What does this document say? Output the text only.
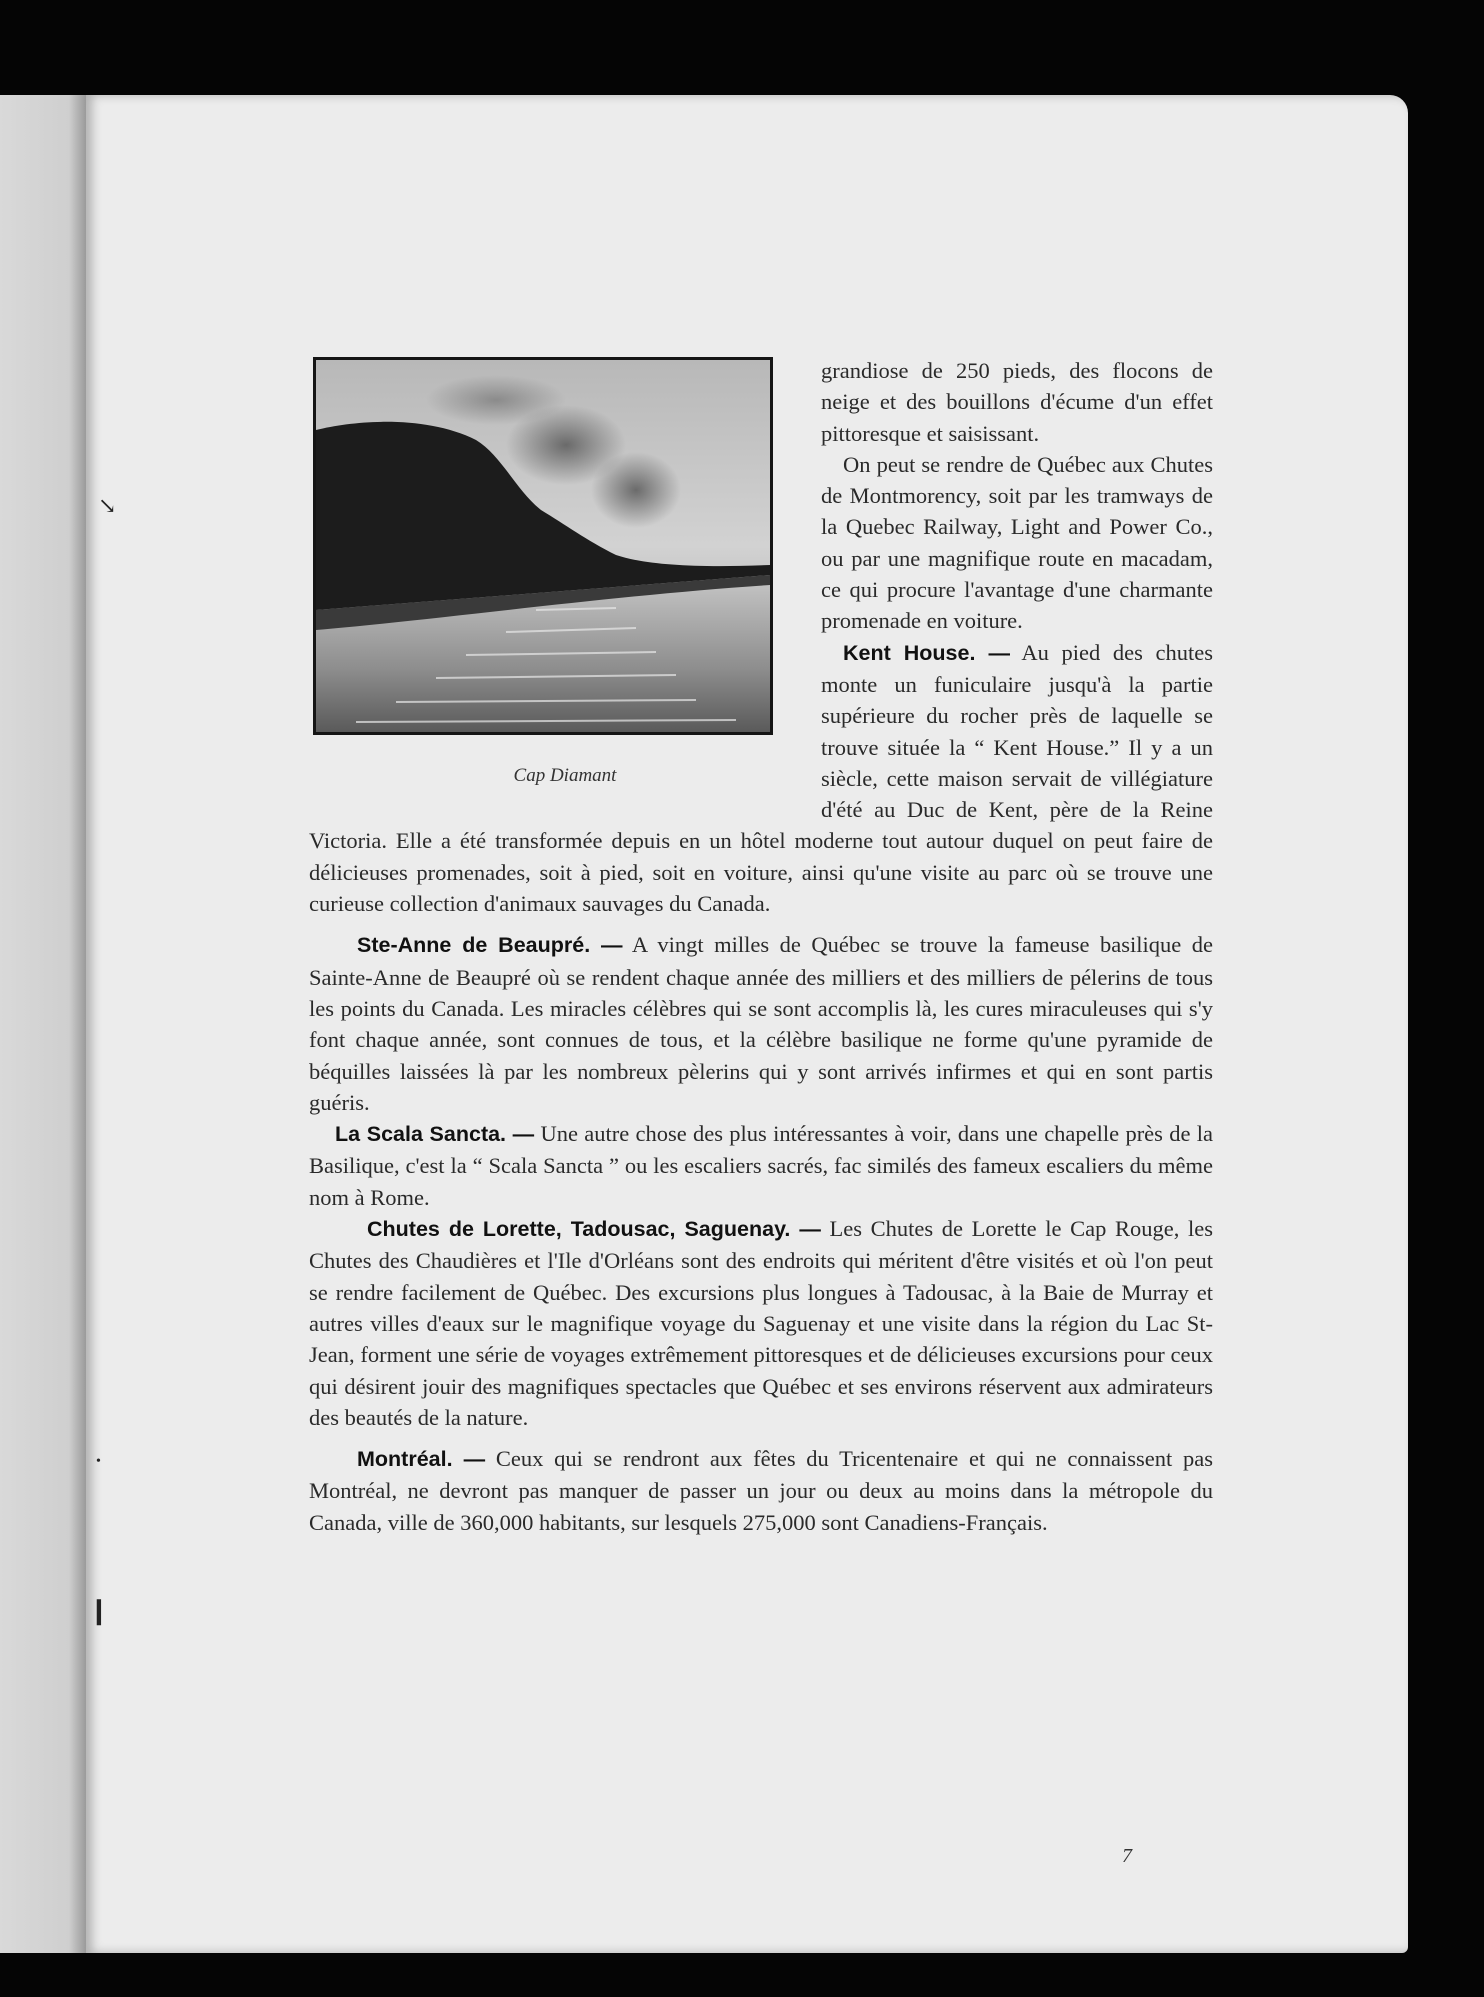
↘
•
❙
Cap Diamant

grandiose de 250 pieds, des flocons de neige et des bouillons d'écume d'un effet pittoresque et saisissant.

On peut se rendre de Québec aux Chutes de Montmorency, soit par les tramways de la Quebec Railway, Light and Power Co., ou par une magnifique route en macadam, ce qui procure l'avantage d'une charmante promenade en voiture.

Kent House. — Au pied des chutes monte un funiculaire jusqu'à la partie supérieure du rocher près de laquelle se trouve située la “ Kent House.” Il y a un siècle, cette maison servait de villégiature d'été au Duc de Kent, père de la Reine Victoria. Elle a été transformée depuis en un hôtel moderne tout autour duquel on peut faire de délicieuses promenades, soit à pied, soit en voiture, ainsi qu'une visite au parc où se trouve une curieuse collection d'animaux sauvages du Canada.

Ste-Anne de Beaupré. — A vingt milles de Québec se trouve la fameuse basilique de Sainte-Anne de Beaupré où se rendent chaque année des milliers et des milliers de pélerins de tous les points du Canada. Les miracles célèbres qui se sont accomplis là, les cures miraculeuses qui s'y font chaque année, sont connues de tous, et la célèbre basilique ne forme qu'une pyramide de béquilles laissées là par les nombreux pèlerins qui y sont arrivés infirmes et qui en sont partis guéris.

La Scala Sancta. — Une autre chose des plus intéressantes à voir, dans une chapelle près de la Basilique, c'est la “ Scala Sancta ” ou les escaliers sacrés, fac similés des fameux escaliers du même nom à Rome.

Chutes de Lorette, Tadousac, Saguenay. — Les Chutes de Lorette le Cap Rouge, les Chutes des Chaudières et l'Ile d'Orléans sont des endroits qui méritent d'être visités et où l'on peut se rendre facilement de Québec. Des excursions plus longues à Tadousac, à la Baie de Murray et autres villes d'eaux sur le magnifique voyage du Saguenay et une visite dans la région du Lac St-Jean, forment une série de voyages extrêmement pittoresques et de délicieuses excursions pour ceux qui désirent jouir des magnifiques spectacles que Québec et ses environs réservent aux admirateurs des beautés de la nature.

Montréal. — Ceux qui se rendront aux fêtes du Tricentenaire et qui ne connaissent pas Montréal, ne devront pas manquer de passer un jour ou deux au moins dans la métropole du Canada, ville de 360,000 habitants, sur lesquels 275,000 sont Canadiens-Français.

7
